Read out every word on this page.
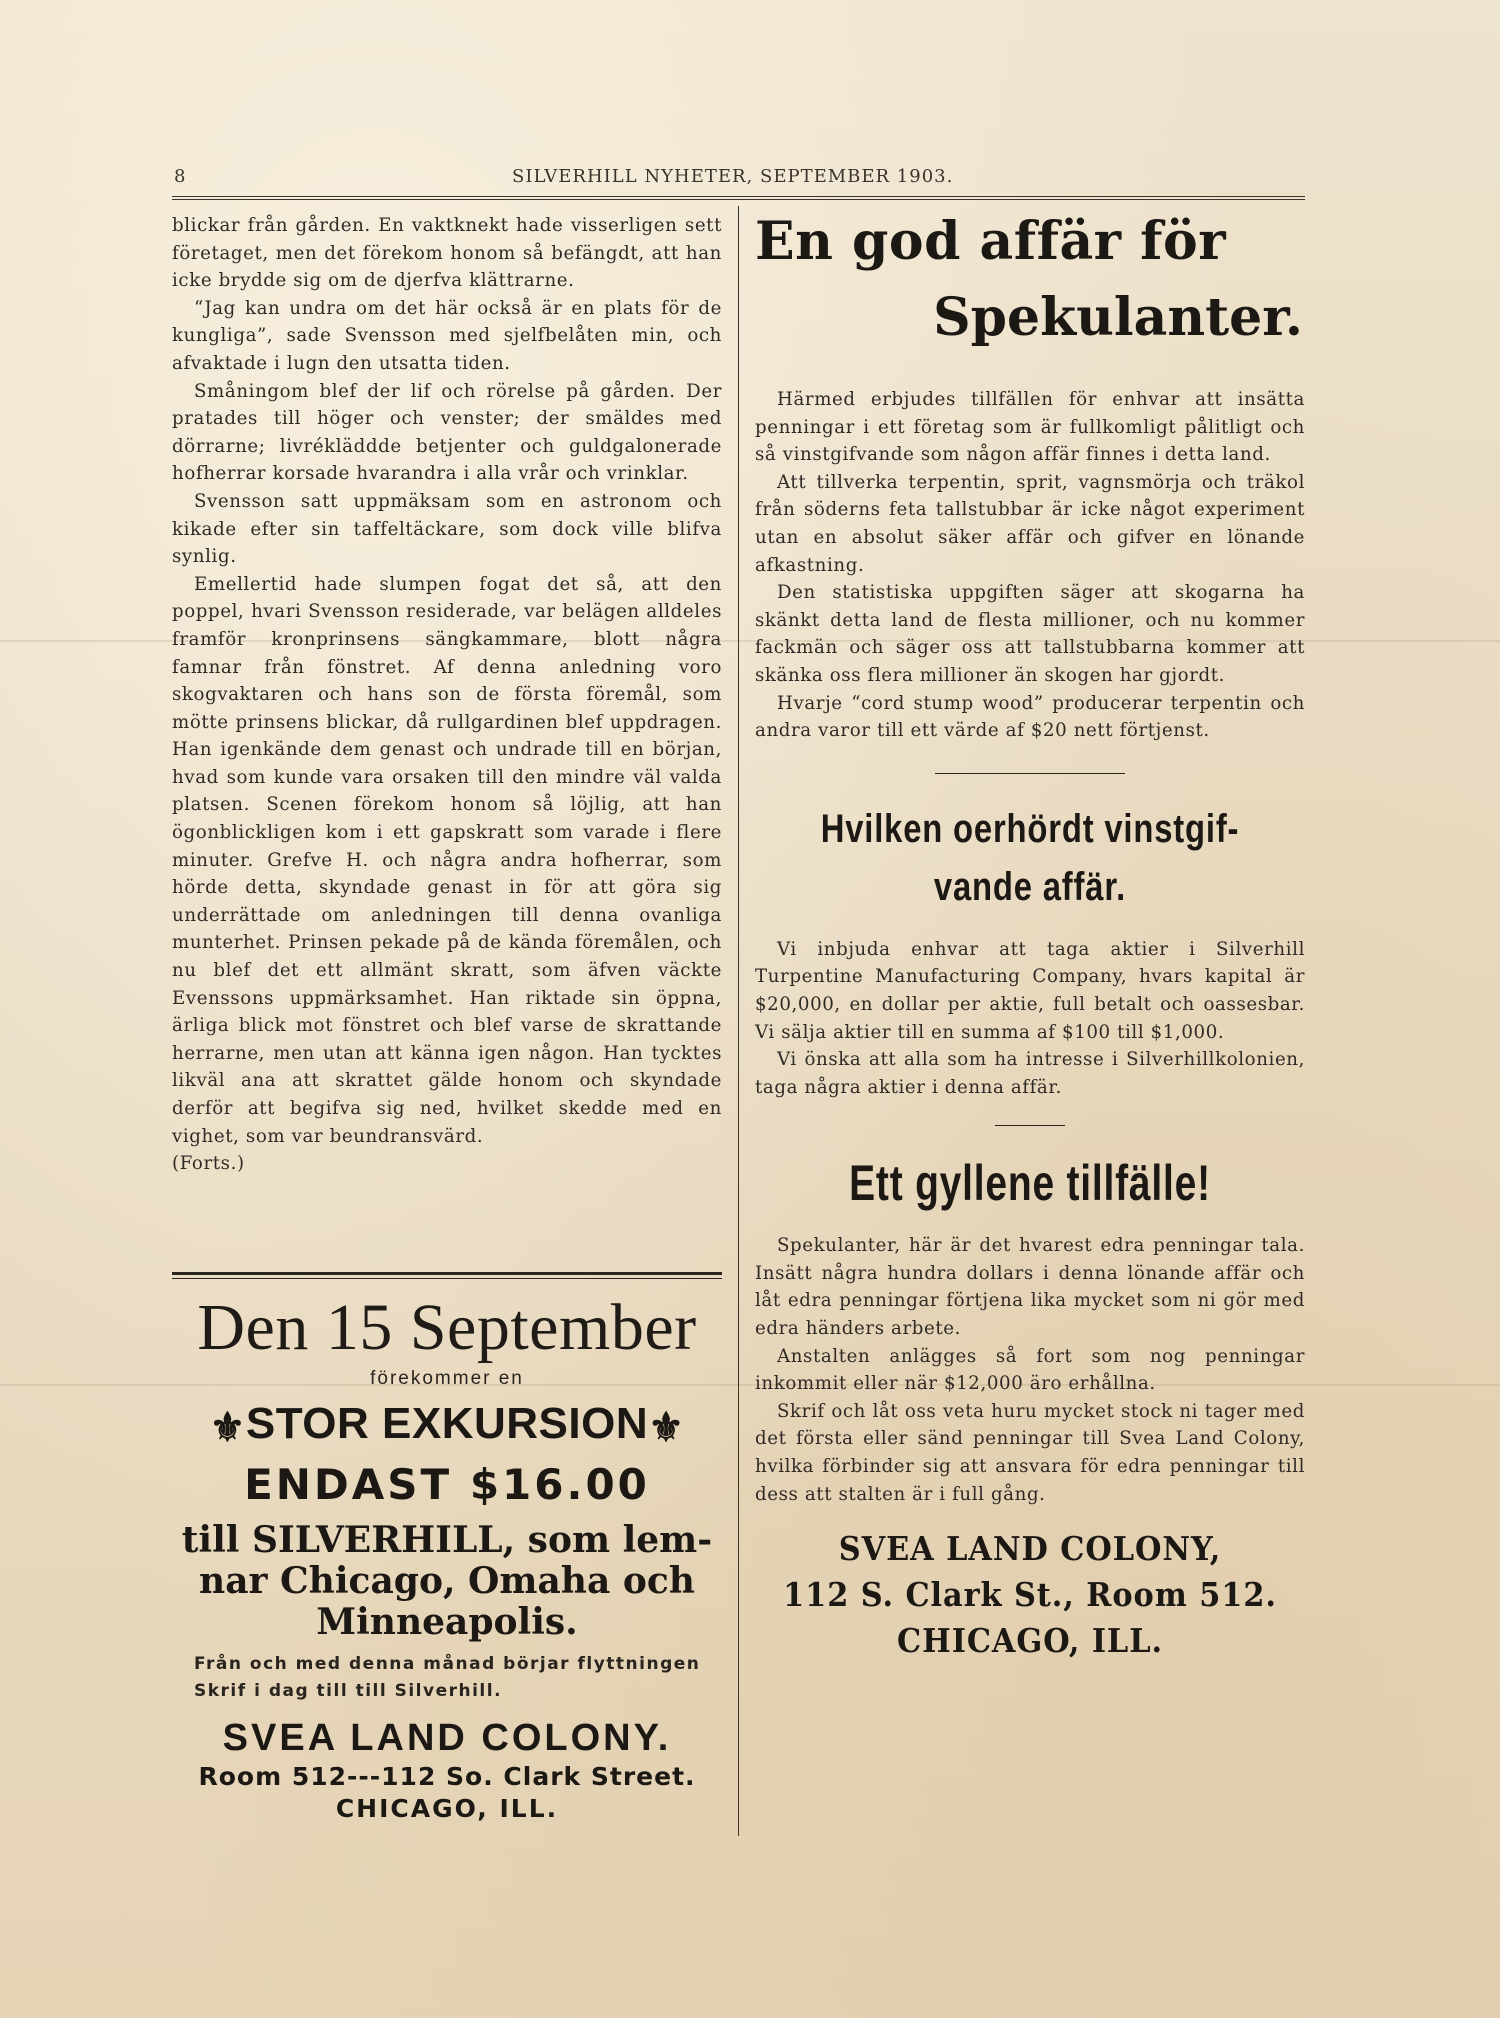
8	SILVERHILL NYHETER, SEPTEMBER 1903.

blickar från gården. En vaktknekt hade visserligen sett företaget, men det förekom honom så befängdt, att han icke brydde sig om de djerfva klättrarne.

“Jag kan undra om det här också är en plats för de kungliga”, sade Svensson med sjelfbelåten min, och afvaktade i lugn den utsatta tiden.

Småningom blef der lif och rörelse på gården. Der pratades till höger och venster; der smäldes med dörrarne; livrékläddde betjenter och guldgalonerade hofherrar korsade hvarandra i alla vrår och vrinklar.

Svensson satt uppmäksam som en astronom och kikade efter sin taffeltäckare, som dock ville blifva synlig.

Emellertid hade slumpen fogat det så, att den poppel, hvari Svensson residerade, var belägen alldeles framför kronprinsens sängkammare, blott några famnar från fönstret. Af denna anledning voro skogvaktaren och hans son de första föremål, som mötte prinsens blickar, då rullgardinen blef uppdragen. Han igenkände dem genast och undrade till en början, hvad som kunde vara orsaken till den mindre väl valda platsen. Scenen förekom honom så löjlig, att han ögonblickligen kom i ett gapskratt som varade i flere minuter. Grefve H. och några andra hofherrar, som hörde detta, skyndade genast in för att göra sig underrättade om anledningen till denna ovanliga munterhet. Prinsen pekade på de kända föremålen, och nu blef det ett allmänt skratt, som äfven väckte Evenssons uppmärksamhet. Han riktade sin öppna, ärliga blick mot fönstret och blef varse de skrattande herrarne, men utan att känna igen någon. Han tycktes likväl ana att skrattet gälde honom och skyndade derför att begifva sig ned, hvilket skedde med en vighet, som var beundransvärd.

(Forts.)

Den 15 September
förekommer en
⚜STOR EXKURSION⚜
ENDAST $16.00
till SILVERHILL, som lem-
nar Chicago, Omaha och
Minneapolis.
Från och med denna månad börjar flyttningen
Skrif i dag till till Silverhill.
SVEA LAND COLONY.
Room 512---112 So. Clark Street.
CHICAGO, ILL.
En god affär för
Spekulanter.

Härmed erbjudes tillfällen för enhvar att insätta penningar i ett företag som är fullkomligt pålitligt och så vinstgifvande som någon affär finnes i detta land.

Att tillverka terpentin, sprit, vagnsmörja och träkol från söderns feta tallstubbar är icke något experiment utan en absolut säker affär och gifver en lönande afkastning.

Den statistiska uppgiften säger att skogarna ha skänkt detta land de flesta millioner, och nu kommer fackmän och säger oss att tallstubbarna kommer att skänka oss flera millioner än skogen har gjordt.

Hvarje “cord stump wood” producerar terpentin och andra varor till ett värde af $20 nett förtjenst.

Hvilken oerhördt vinstgif-
vande affär.

Vi inbjuda enhvar att taga aktier i Silverhill Turpentine Manufacturing Company, hvars kapital är $20,000, en dollar per aktie, full betalt och oassesbar. Vi sälja aktier till en summa af $100 till $1,000.

Vi önska att alla som ha intresse i Silverhillkolonien, taga några aktier i denna affär.

Ett gyllene tillfälle!

Spekulanter, här är det hvarest edra penningar tala. Insätt några hundra dollars i denna lönande affär och låt edra penningar förtjena lika mycket som ni gör med edra händers arbete.

Anstalten anlägges så fort som nog penningar inkommit eller när $12,000 äro erhållna.

Skrif och låt oss veta huru mycket stock ni tager med det första eller sänd penningar till Svea Land Colony, hvilka förbinder sig att ansvara för edra penningar till dess att stalten är i full gång.

SVEA LAND COLONY,
112 S. Clark St., Room 512.
CHICAGO, ILL.
